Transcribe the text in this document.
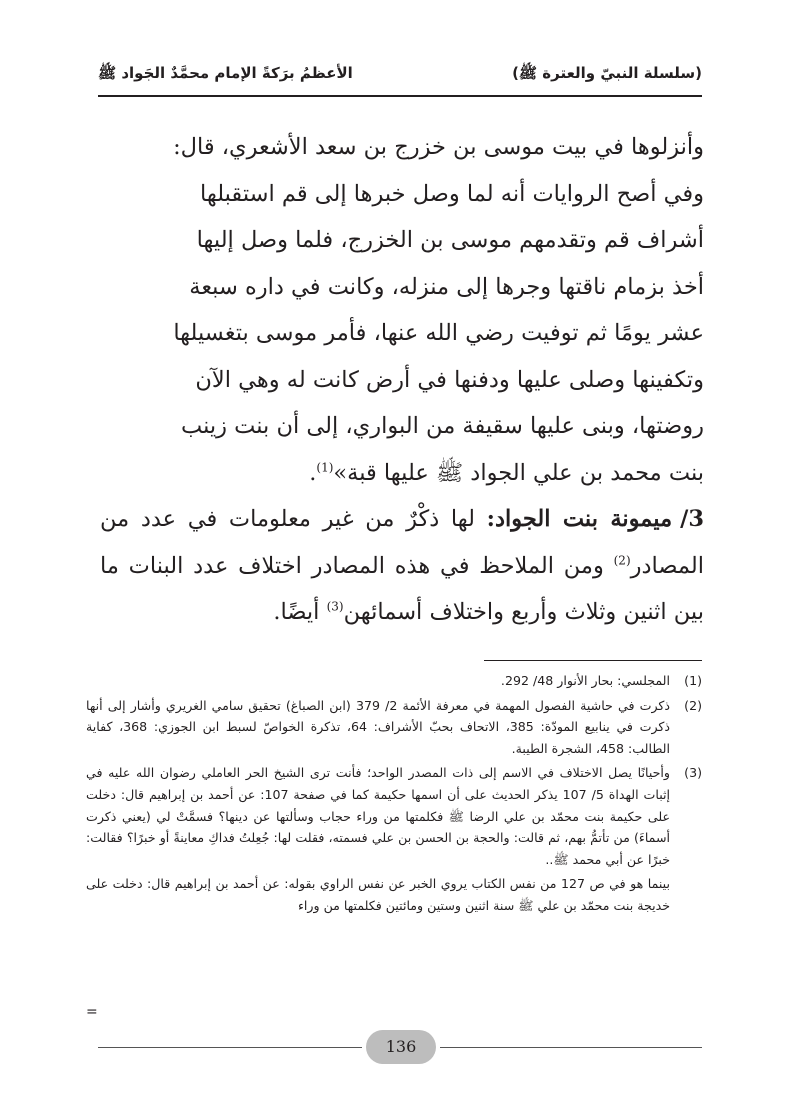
(سلسلة النبيّ والعترة ﷺ)
الأعظمُ برَكةً الإمام محمَّدٌ الجَواد ﷺ

وأنزلوها في بيت موسى بن خزرج بن سعد الأشعري، قال:
وفي أصح الروايات أنه لما وصل خبرها إلى قم استقبلها
أشراف قم وتقدمهم موسى بن الخزرج، فلما وصل إليها
أخذ بزمام ناقتها وجرها إلى منزله، وكانت في داره سبعة
عشر يومًا ثم توفيت رضي الله عنها، فأمر موسى بتغسيلها
وتكفينها وصلى عليها ودفنها في أرض كانت له وهي الآن
روضتها، وبنى عليها سقيفة من البواري، إلى أن بنت زينب
بنت محمد بن علي الجواد ﷺ عليها قبة»$^{(1)}$.

3/ميمونة بنت الجواد: لها ذكْرٌ من غير معلومات في عدد من المصادر$^{(2)}$ ومن الملاحظ في هذه المصادر اختلاف عدد البنات ما بين اثنين وثلاث وأربع واختلاف أسمائهن$^{(3)}$ أيضًا.

(1)
المجلسي: بحار الأنوار 48/ 292.
(2)
ذكرت في حاشية الفصول المهمة في معرفة الأئمة 2/ 379 (ابن الصباغ) تحقيق سامي الغريري وأشار إلى أنها ذكرت في ينابيع المودّة: 385، الاتحاف بحبّ الأشراف: 64، تذكرة الخواصّ لسبط ابن الجوزي: 368، كفاية الطالب: 458، الشجرة الطيبة.
(3)
وأحيانًا يصل الاختلاف في الاسم إلى ذات المصدر الواحد؛ فأنت ترى الشيخ الحر العاملي رضوان الله عليه في إثبات الهداة 5/ 107 يذكر الحديث على أن اسمها حكيمة كما في صفحة 107: عن أحمد بن إبراهيم قال: دخلت على حكيمة بنت محمّد بن علي الرضا ﷺ فكلمتها من وراء حجاب وسألتها عن دينها؟ فسمَّتْ لي (يعني ذكرت أسماءَ) من تأتمُّ بهم، ثم قالت: والحجة بن الحسن بن علي فسمته، فقلت لها: جُعِلتُ فداكِ معاينةً أو خبرًا؟ فقالت: خبرًا عن أبي محمد ﷺ..
بينما هو في ص 127 من نفس الكتاب يروي الخبر عن نفس الراوي بقوله: عن أحمد بن إبراهيم قال: دخلت على خديجة بنت محمّد بن علي ﷺ سنة اثنين وستين ومائتين فكلمتها من وراء
=
136
